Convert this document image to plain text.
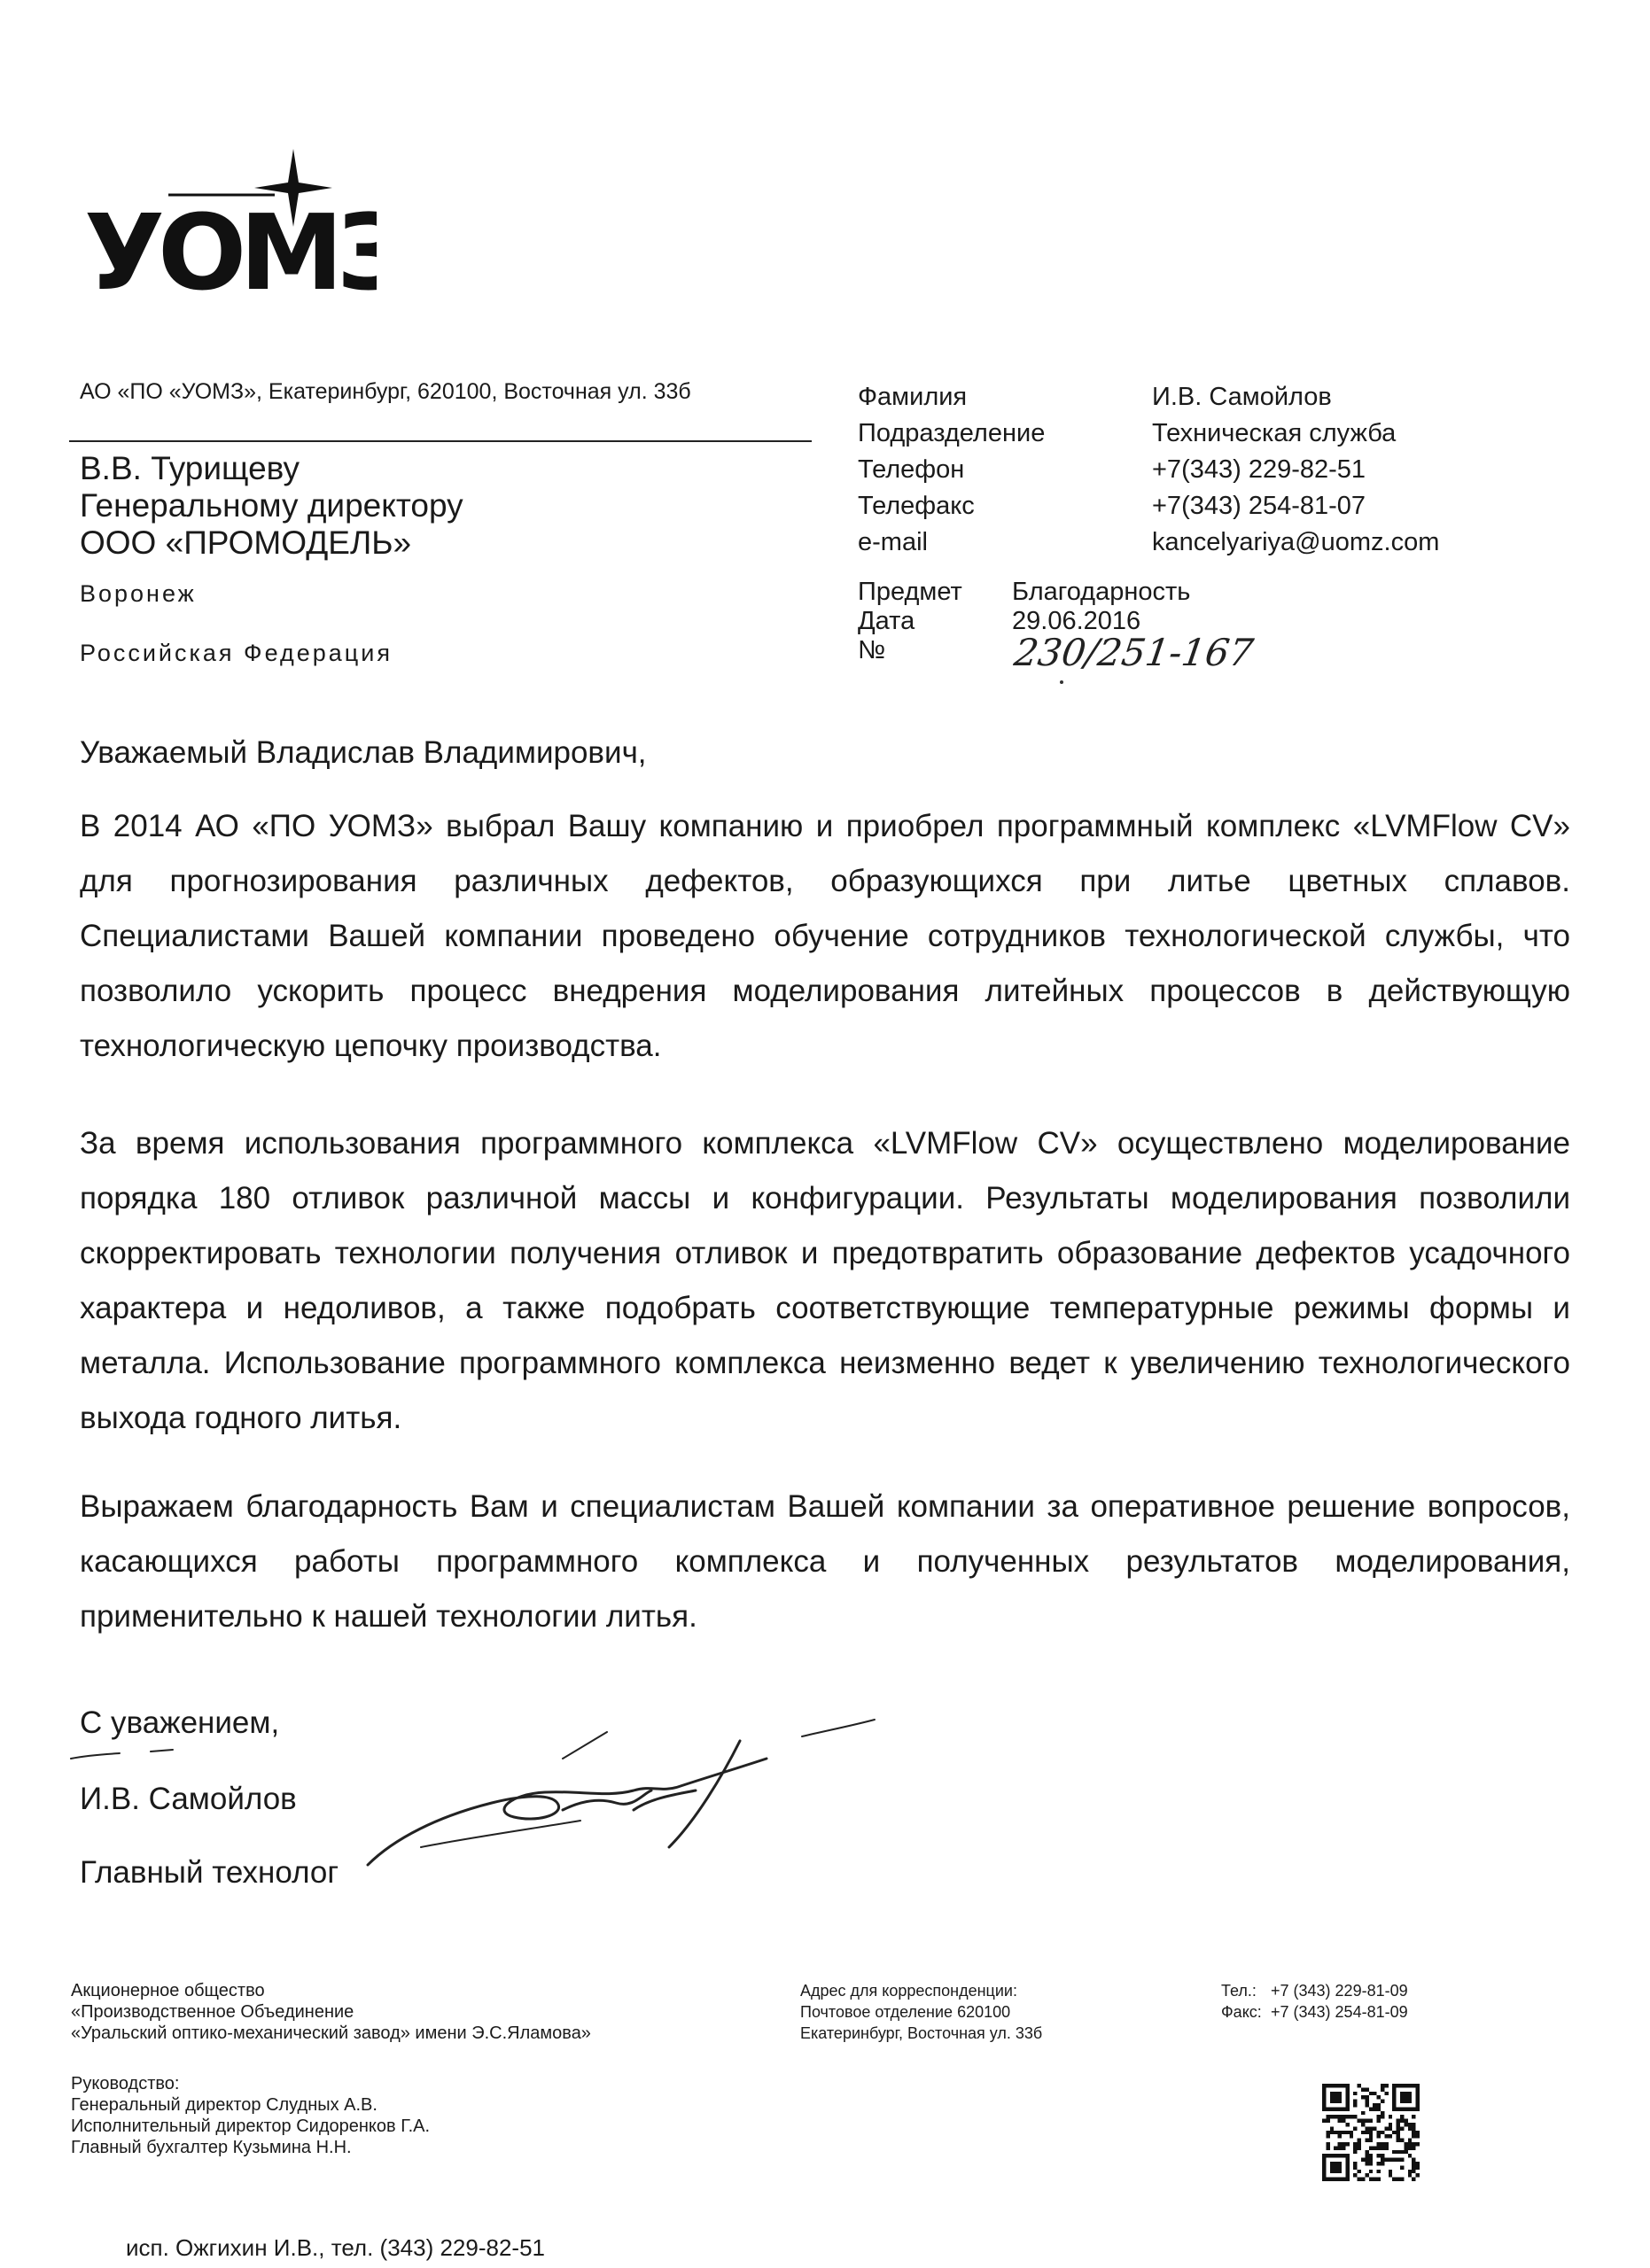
УОМЗ
АО «ПО «УОМЗ», Екатеринбург, 620100, Восточная ул. 33б
В.В. Турищеву
Генеральному директору
ООО «ПРОМОДЕЛЬ»
Воронеж
Российская Федерация
Фамилия	И.В. Самойлов
Подразделение	Техническая служба
Телефон	+7(343) 229-82-51
Телефакс	+7(343) 254-81-07
e-mail	kancelyariya@uomz.com
Предмет Благодарность
Дата	29.06.2016
№	230/251-167
Уважаемый Владислав Владимирович,
В 2014 АО «ПО УОМЗ» выбрал Вашу компанию и приобрел программный комплекс «LVMFlow CV» для прогнозирования различных дефектов, образующихся при литье цветных сплавов. Специалистами Вашей компании проведено обучение сотрудников технологической службы, что позволило ускорить процесс внедрения моделирования литейных процессов в действующую технологическую цепочку производства.
За время использования программного комплекса «LVMFlow CV» осуществлено моделирование порядка 180 отливок различной массы и конфигурации. Результаты моделирования позволили скорректировать технологии получения отливок и предотвратить образование дефектов усадочного характера и недоливов, а также подобрать соответствующие температурные режимы формы и металла. Использование программного комплекса неизменно ведет к увеличению технологического выхода годного литья.
Выражаем благодарность Вам и специалистам Вашей компании за оперативное решение вопросов, касающихся работы программного комплекса и полученных результатов моделирования, применительно к нашей технологии литья.
С уважением,
И.В. Самойлов
Главный технолог
Акционерное общество
«Производственное Объединение
«Уральский оптико-механический завод» имени Э.С.Яламова»
Руководство:
Генеральный директор Слудных А.В.
Исполнительный директор Сидоренков Г.А.
Главный бухгалтер Кузьмина Н.Н.
Адрес для корреспонденции:
Почтовое отделение 620100
Екатеринбург, Восточная ул. 33б
Тел.: +7 (343) 229-81-09
Факс: +7 (343) 254-81-09
исп. Ожгихин И.В., тел. (343) 229-82-51
